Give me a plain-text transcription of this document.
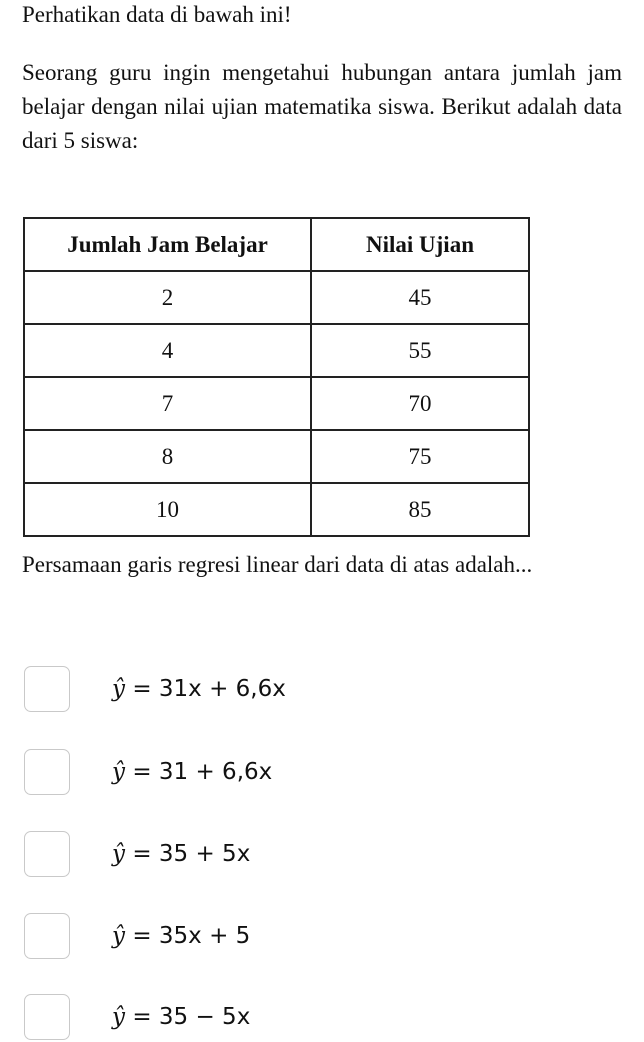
Perhatikan data di bawah ini!
Seorang guru ingin mengetahui hubungan antara jumlah jam belajar dengan nilai ujian matematika siswa. Berikut adalah data dari 5 siswa:
Jumlah Jam Belajar	Nilai Ujian
2	45
4	55
7	70
8	75
10	85
Persamaan garis regresi linear dari data di atas adalah...
ŷ = 31x + 6,6x
ŷ = 31 + 6,6x
ŷ = 35 + 5x
ŷ = 35x + 5
ŷ = 35 − 5x
